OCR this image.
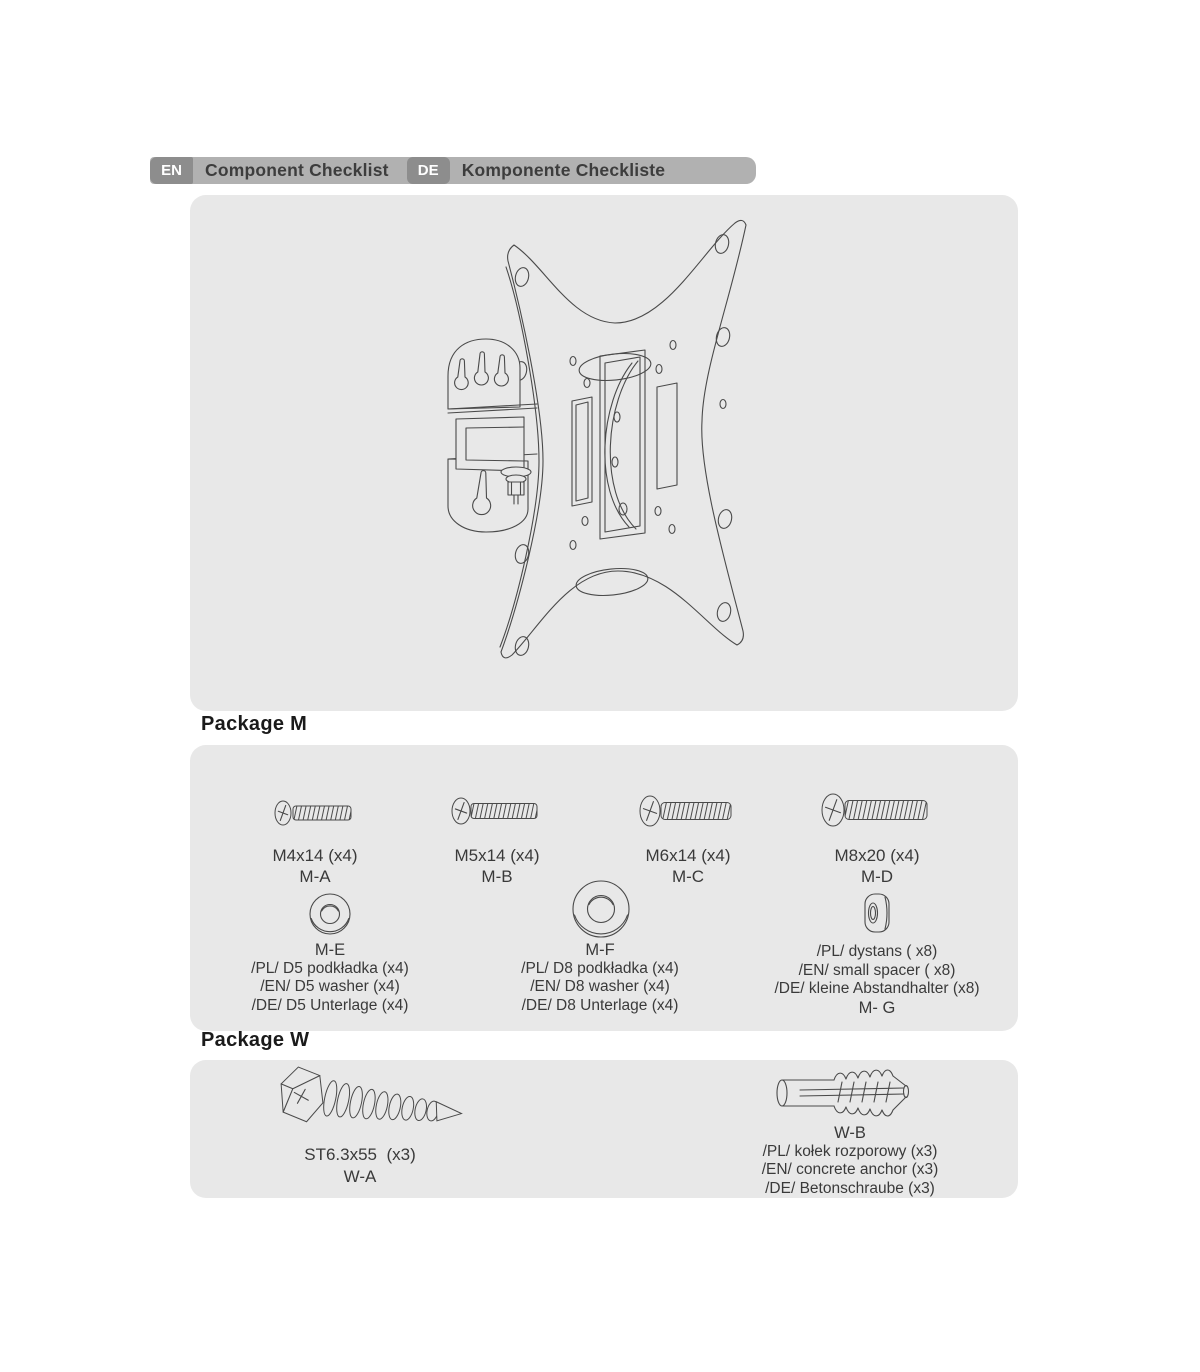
EN	Component Checklist	DE	Komponente Checkliste
Package M
M4x14 (x4)
M-A
M5x14 (x4)
M-B
M6x14 (x4)
M-C
M8x20 (x4)
M-D
M-E
/PL/ D5 podkładka (x4)
/EN/ D5 washer (x4)
/DE/ D5 Unterlage (x4)
M-F
/PL/ D8 podkładka (x4)
/EN/ D8 washer (x4)
/DE/ D8 Unterlage (x4)
/PL/ dystans ( x8)
/EN/ small spacer ( x8)
/DE/ kleine Abstandhalter (x8)
M- G
Package W
ST6.3x55  (x3)
W-A
W-B
/PL/ kołek rozporowy (x3)
/EN/ concrete anchor (x3)
/DE/ Betonschraube (x3)
